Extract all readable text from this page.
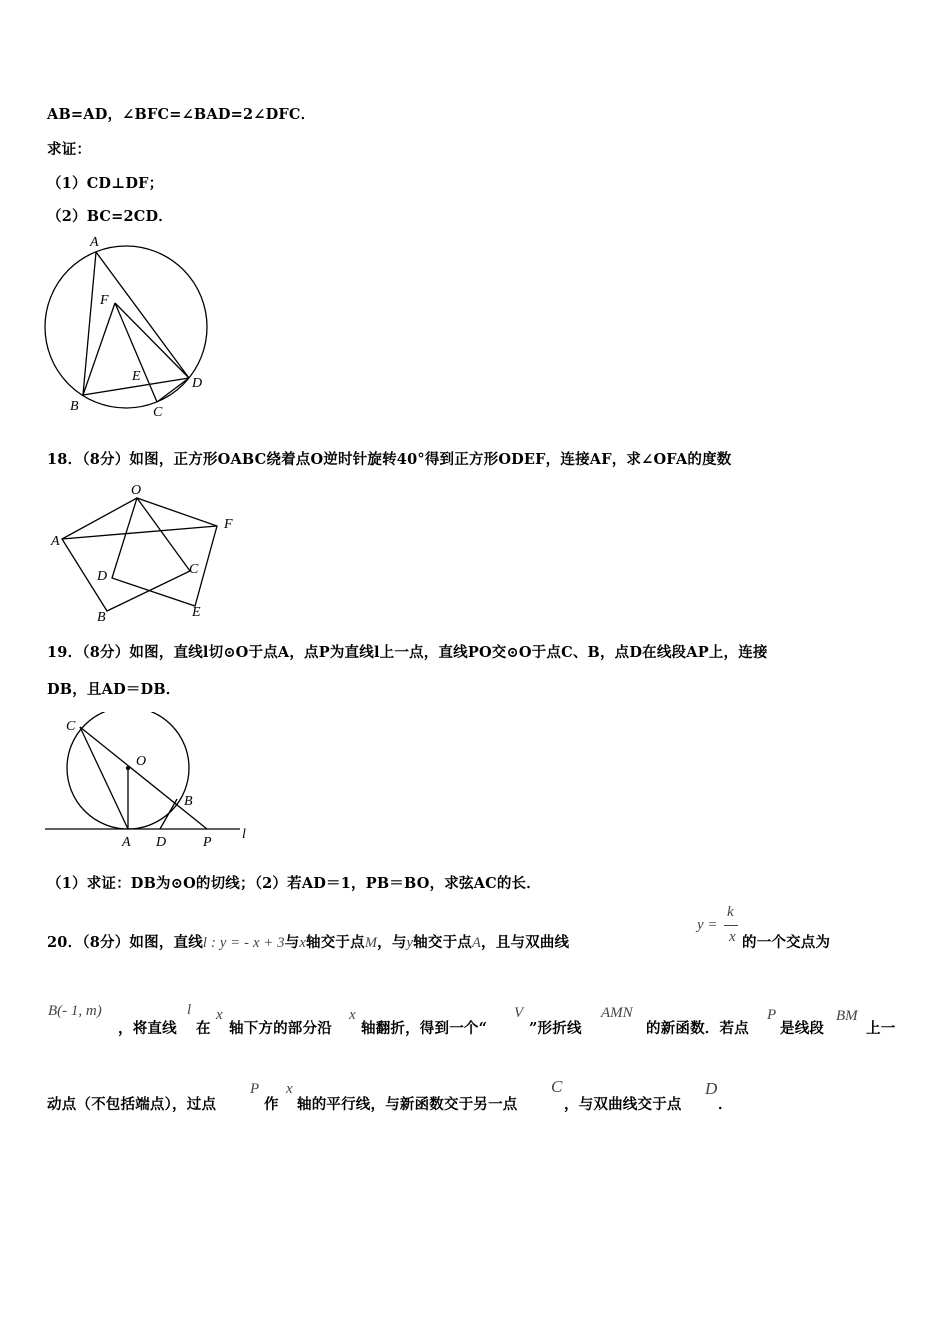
AB=AD，∠BFC=∠BAD=2∠DFC．
求证：
（1）CD⊥DF；
（2）BC=2CD．
A
F
E	D
B	C
18．（8分）如图，正方形OABC绕着点O逆时针旋转40°得到正方形ODEF，连接AF，求∠OFA的度数
O
A
F
D	C
B	E
19．（8分）如图，直线l切⊙O于点A，点P为直线l上一点，直线PO交⊙O于点C、B，点D在线段AP上，连接
DB，且AD＝DB．
C
O
B
A D	P
l
（1）求证：DB为⊙O的切线；（2）若AD＝1，PB＝BO，求弦AC的长．
20．（8分）如图，直线l : y = - x + 3与x轴交于点M，与y轴交于点A，且与双曲线
y =
k
x 的一个交点为
B(- 1, m)
，将直线
l
在
x
轴下方的部分沿
x
轴翻折，得到一个“
V
”形折线
AMN
的新函数．若点
P
是线段
BM
上一
动点（不包括端点），过点
P
作
x
轴的平行线，与新函数交于另一点
C
，与双曲线交于点
D
．
